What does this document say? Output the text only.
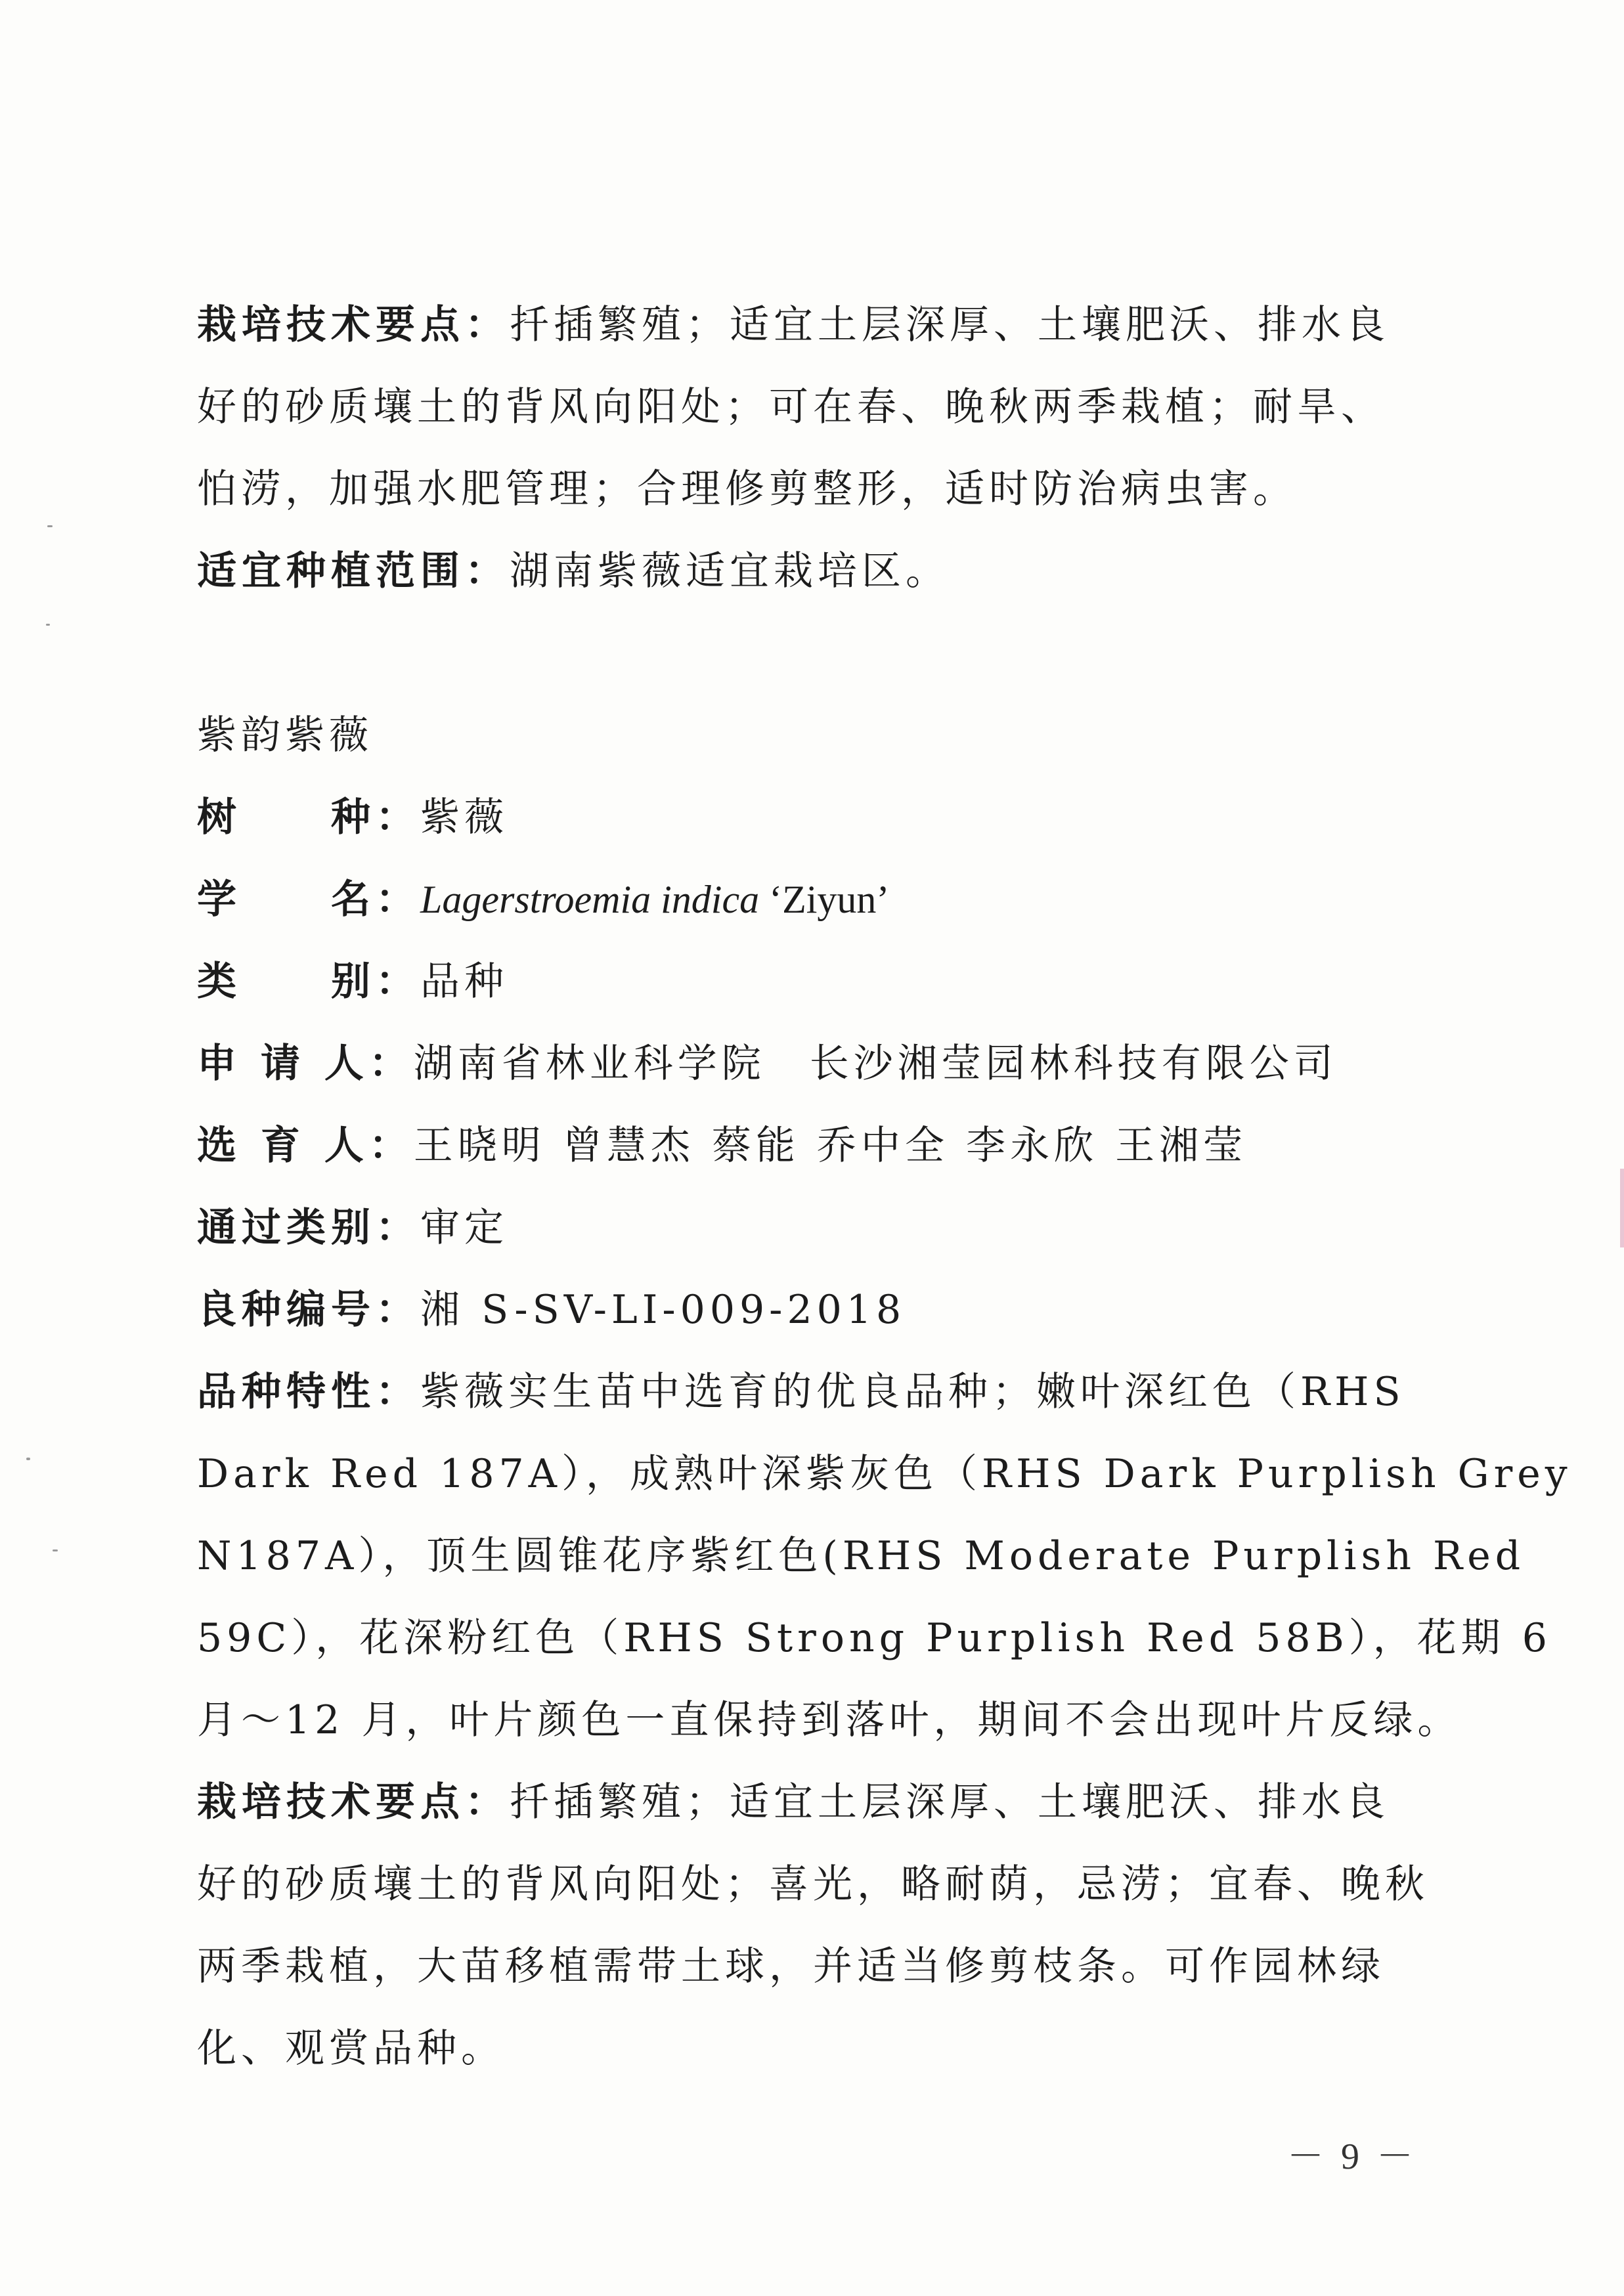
栽培技术要点：扦插繁殖；适宜土层深厚、土壤肥沃、排水良
好的砂质壤土的背风向阳处；可在春、晚秋两季栽植；耐旱、
怕涝，加强水肥管理；合理修剪整形，适时防治病虫害。
适宜种植范围：湖南紫薇适宜栽培区。
紫韵紫薇
树　　种：紫薇
学　　名：Lagerstroemia indica ‘Ziyun’
类　　别：品种
申 请 人：湖南省林业科学院　长沙湘莹园林科技有限公司
选 育 人：王晓明 曾慧杰 蔡能 乔中全 李永欣 王湘莹
通过类别：审定
良种编号：湘 S-SV-LI-009-2018
品种特性：紫薇实生苗中选育的优良品种；嫩叶深红色（RHS
Dark Red 187A），成熟叶深紫灰色（RHS Dark Purplish Grey
N187A），顶生圆锥花序紫红色(RHS Moderate Purplish Red
59C），花深粉红色（RHS Strong Purplish Red 58B），花期 6
月～12 月，叶片颜色一直保持到落叶，期间不会出现叶片反绿。
栽培技术要点：扦插繁殖；适宜土层深厚、土壤肥沃、排水良
好的砂质壤土的背风向阳处；喜光，略耐荫，忌涝；宜春、晚秋
两季栽植，大苗移植需带土球，并适当修剪枝条。可作园林绿
化、观赏品种。
－ 9 －
